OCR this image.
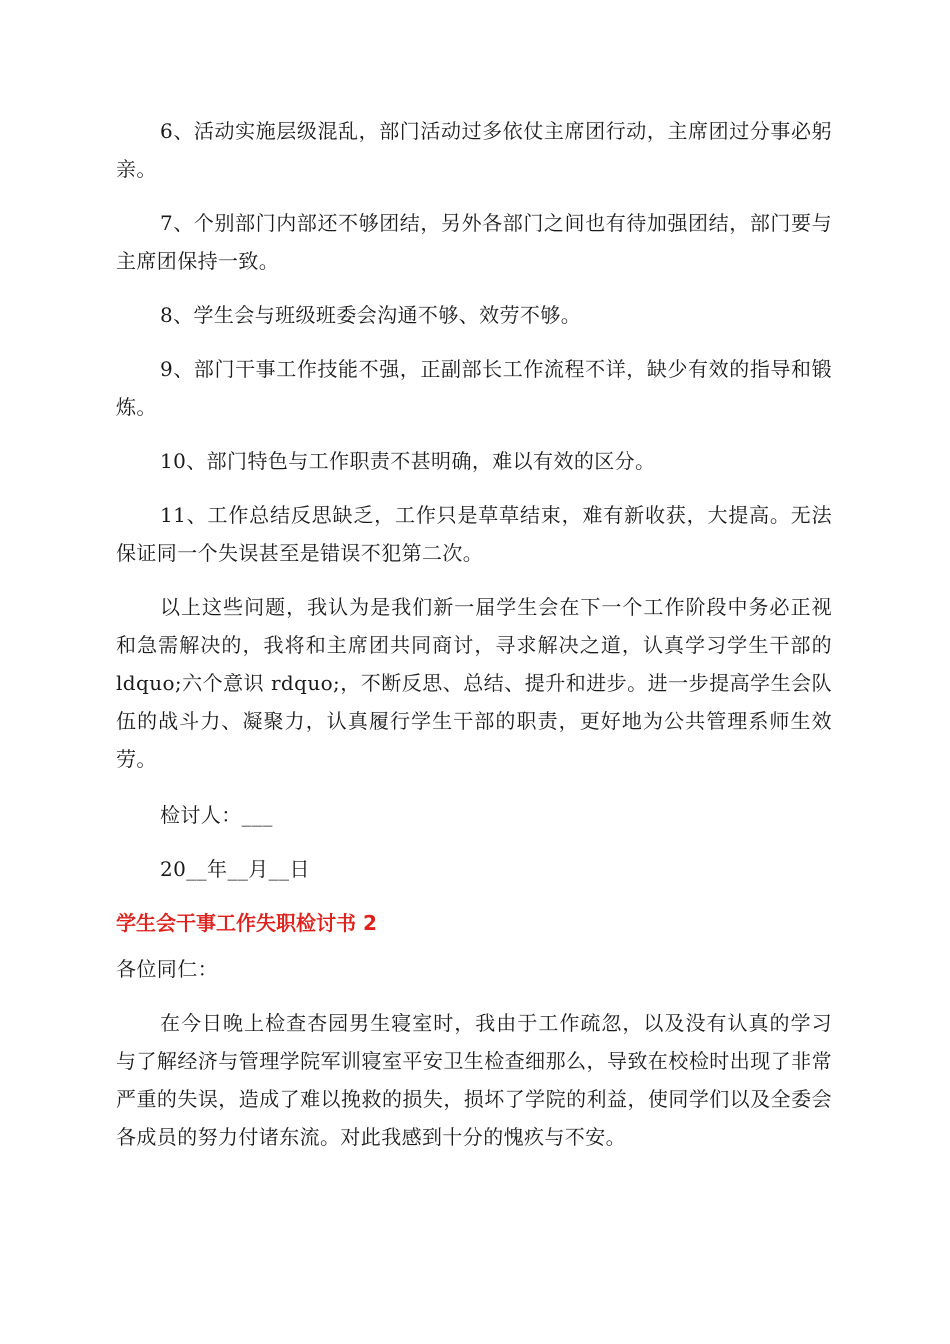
6、活动实施层级混乱，部门活动过多依仗主席团行动，主席团过分事必躬亲。

7、个别部门内部还不够团结，另外各部门之间也有待加强团结，部门要与主席团保持一致。

8、学生会与班级班委会沟通不够、效劳不够。

9、部门干事工作技能不强，正副部长工作流程不详，缺少有效的指导和锻炼。

10、部门特色与工作职责不甚明确，难以有效的区分。

11、工作总结反思缺乏，工作只是草草结束，难有新收获，大提高。无法保证同一个失误甚至是错误不犯第二次。

以上这些问题，我认为是我们新一届学生会在下一个工作阶段中务必正视和急需解决的，我将和主席团共同商讨，寻求解决之道，认真学习学生干部的 ldquo;六个意识 rdquo;，不断反思、总结、提升和进步。进一步提高学生会队伍的战斗力、凝聚力，认真履行学生干部的职责，更好地为公共管理系师生效劳。

检讨人：___

20__年__月__日

学生会干事工作失职检讨书 2

各位同仁：

在今日晚上检查杏园男生寝室时，我由于工作疏忽，以及没有认真的学习与了解经济与管理学院军训寝室平安卫生检查细那么，导致在校检时出现了非常严重的失误，造成了难以挽救的损失，损坏了学院的利益，使同学们以及全委会各成员的努力付诸东流。对此我感到十分的愧疚与不安。
